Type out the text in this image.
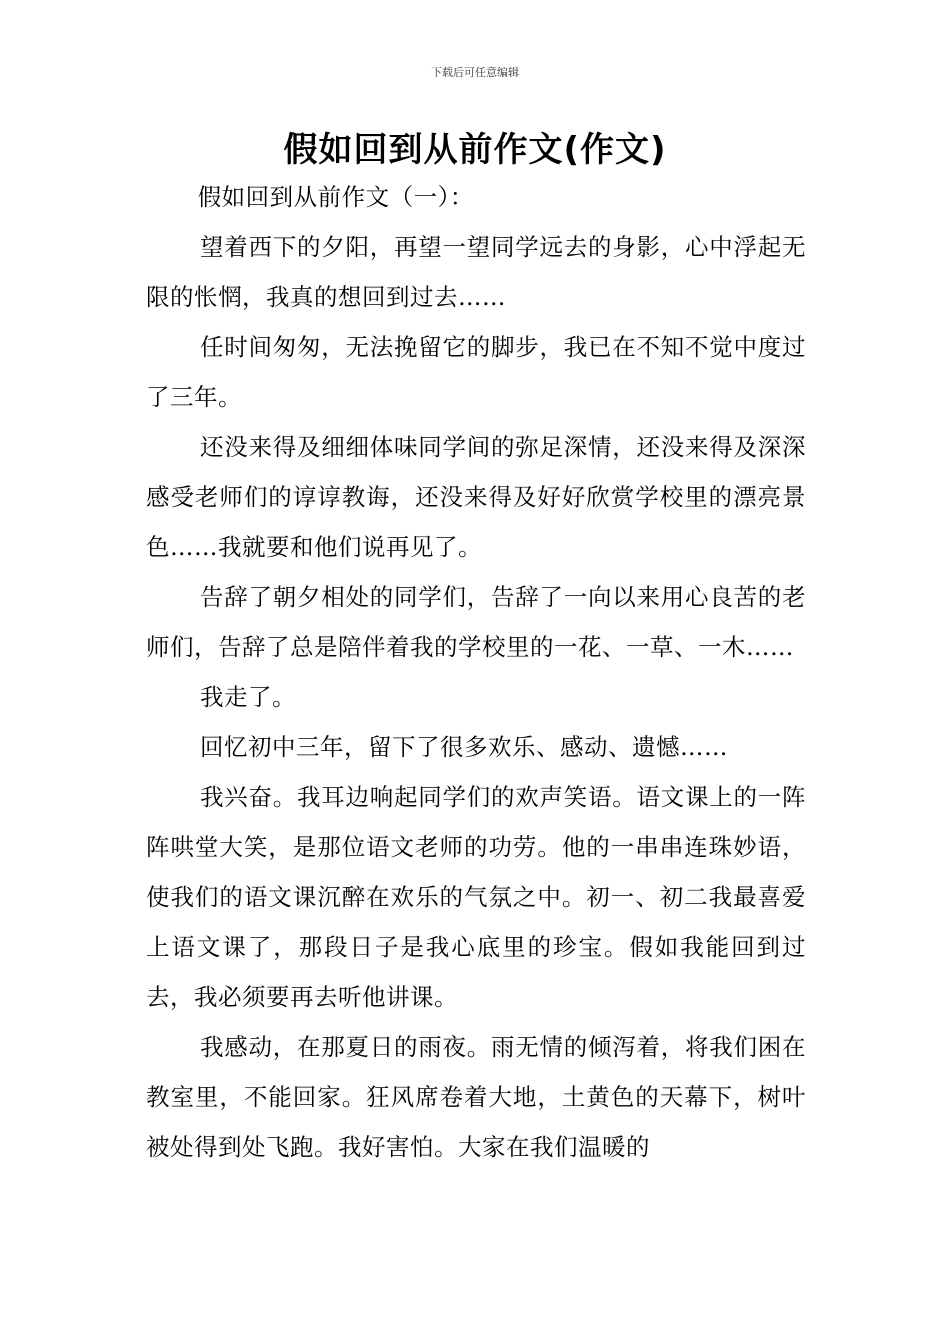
下载后可任意编辑
假如回到从前作文(作文)

假如回到从前作文（一）：

望着西下的夕阳，再望一望同学远去的身影，心中浮起无限的怅惘，我真的想回到过去……

任时间匆匆，无法挽留它的脚步，我已在不知不觉中度过了三年。

还没来得及细细体味同学间的弥足深情，还没来得及深深感受老师们的谆谆教诲，还没来得及好好欣赏学校里的漂亮景色……我就要和他们说再见了。

告辞了朝夕相处的同学们，告辞了一向以来用心良苦的老师们，告辞了总是陪伴着我的学校里的一花、一草、一木……

我走了。

回忆初中三年，留下了很多欢乐、感动、遗憾……

我兴奋。我耳边响起同学们的欢声笑语。语文课上的一阵阵哄堂大笑，是那位语文老师的功劳。他的一串串连珠妙语，使我们的语文课沉醉在欢乐的气氛之中。初一、初二我最喜爱上语文课了，那段日子是我心底里的珍宝。假如我能回到过去，我必须要再去听他讲课。

我感动，在那夏日的雨夜。雨无情的倾泻着，将我们困在教室里，不能回家。狂风席卷着大地，土黄色的天幕下，树叶被处得到处飞跑。我好害怕。大家在我们温暖的
